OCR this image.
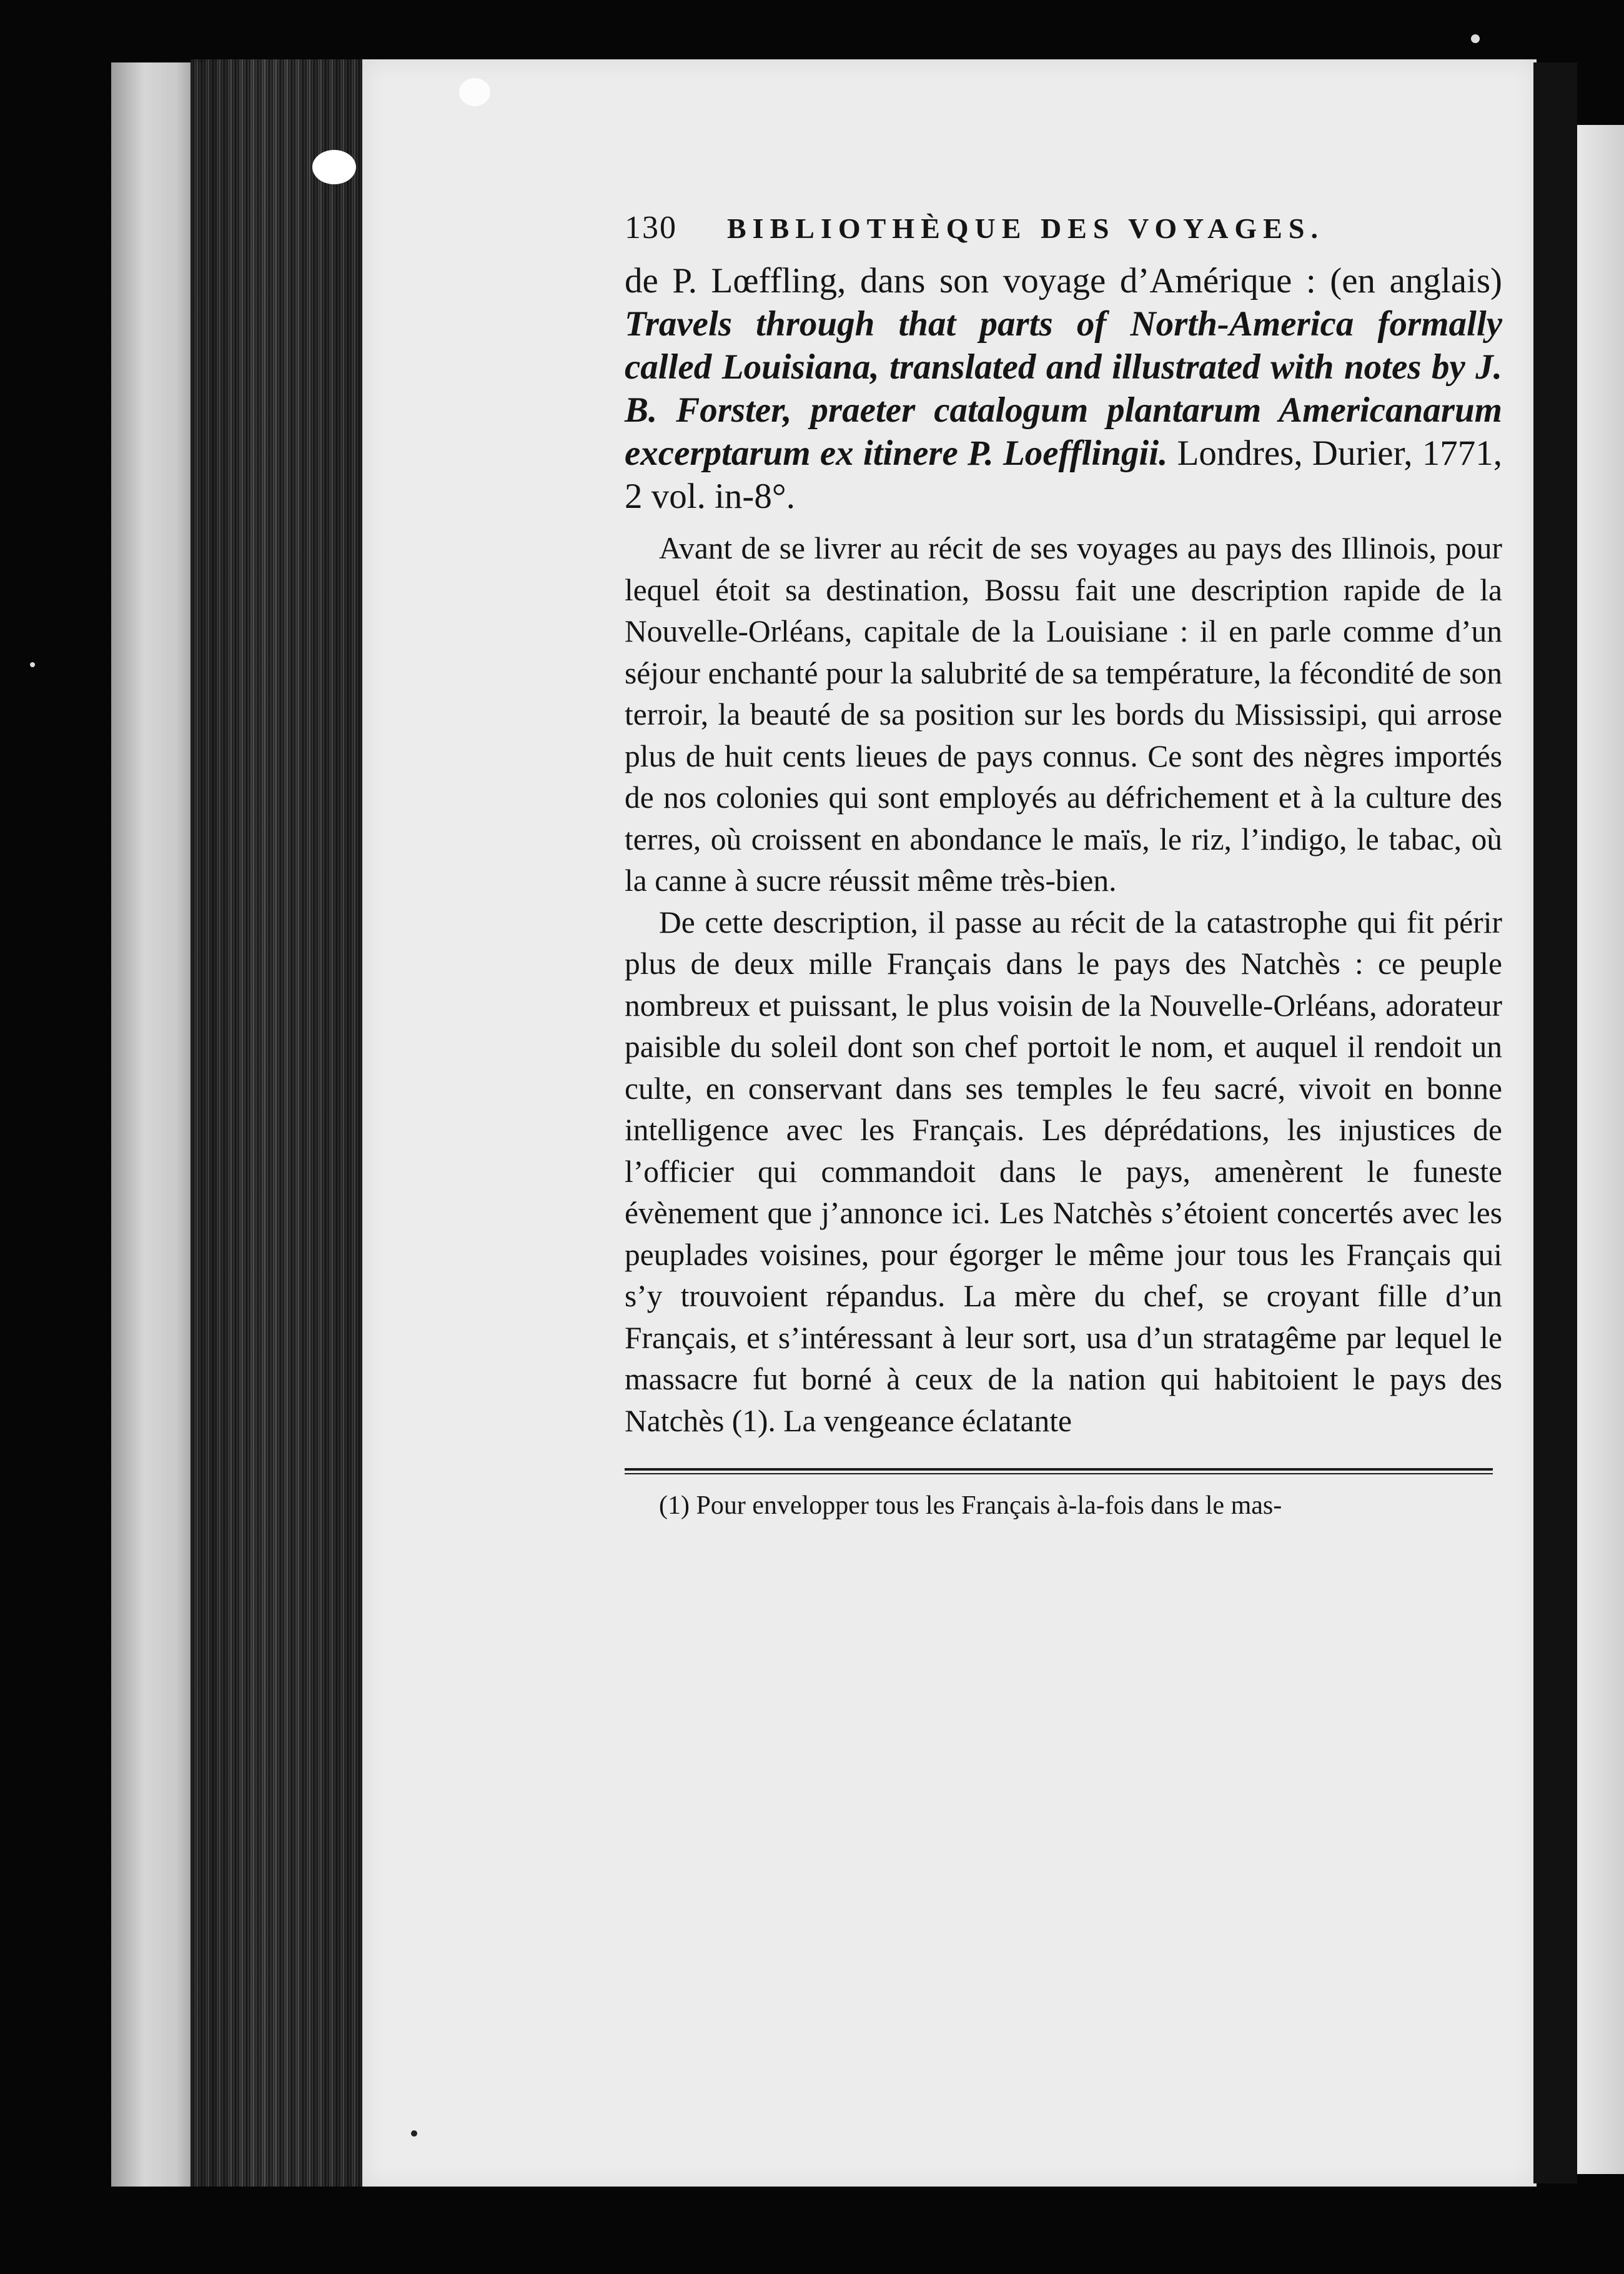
130 BIBLIOTHÈQUE DES VOYAGES.

de P. Lœffling, dans son voyage d’Amérique : (en anglais) Travels through that parts of North-America formally called Louisiana, translated and illustrated with notes by J. B. Forster, praeter catalogum plantarum Americanarum excerptarum ex itinere P. Loefflingii. Londres, Durier, 1771, 2 vol. in-8°.

Avant de se livrer au récit de ses voyages au pays des Illinois, pour lequel étoit sa destination, Bossu fait une description rapide de la Nouvelle-Orléans, capitale de la Louisiane : il en parle comme d’un séjour enchanté pour la salubrité de sa température, la fécondité de son terroir, la beauté de sa position sur les bords du Mississipi, qui arrose plus de huit cents lieues de pays connus. Ce sont des nègres importés de nos colonies qui sont employés au défrichement et à la culture des terres, où croissent en abondance le maïs, le riz, l’indigo, le tabac, où la canne à sucre réussit même très-bien.

De cette description, il passe au récit de la catastrophe qui fit périr plus de deux mille Français dans le pays des Natchès : ce peuple nombreux et puissant, le plus voisin de la Nouvelle-Orléans, adorateur paisible du soleil dont son chef portoit le nom, et auquel il rendoit un culte, en conservant dans ses temples le feu sacré, vivoit en bonne intelligence avec les Français. Les déprédations, les injustices de l’officier qui commandoit dans le pays, amenèrent le funeste évènement que j’annonce ici. Les Natchès s’étoient concertés avec les peuplades voisines, pour égorger le même jour tous les Français qui s’y trouvoient répandus. La mère du chef, se croyant fille d’un Français, et s’intéressant à leur sort, usa d’un stratagême par lequel le massacre fut borné à ceux de la nation qui habitoient le pays des Natchès (1). La vengeance éclatante

(1) Pour envelopper tous les Français à-la-fois dans le mas-
